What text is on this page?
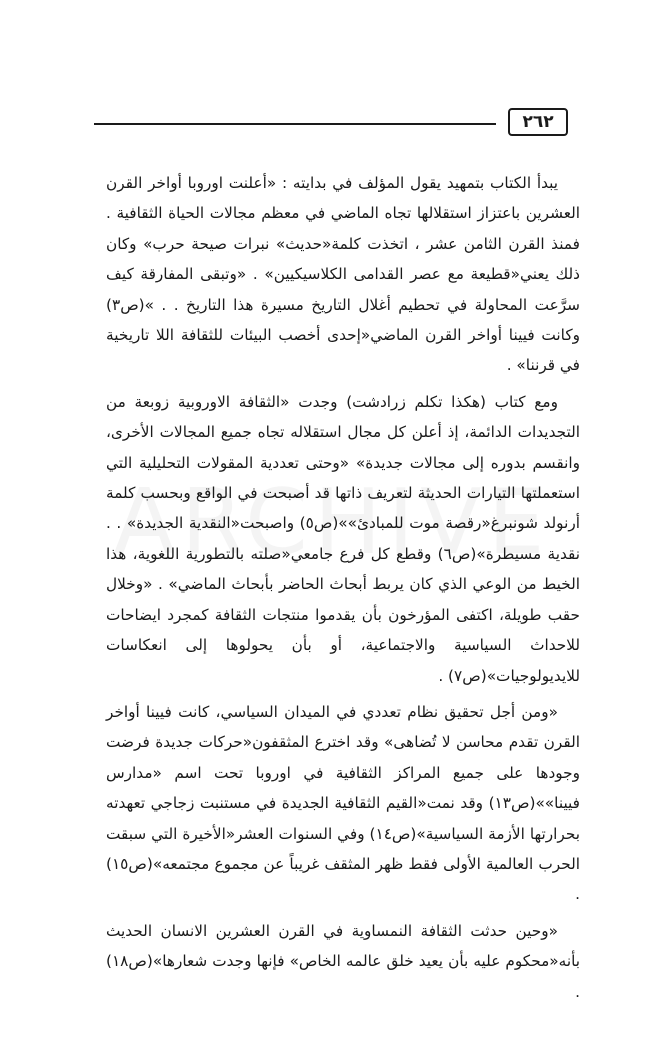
٢٦٢

يبدأ الكتاب بتمهيد يقول المؤلف في بدايته : «أعلنت اوروبا أواخر القرن العشرين باعتزاز استقلالها تجاه الماضي في معظم مجالات الحياة الثقافية . فمنذ القرن الثامن عشر ، اتخذت كلمة«حديث» نبرات صيحة حرب» وكان ذلك يعني«قطيعة مع عصر القدامى الكلاسيكيين» . «وتبقى المفارقة كيف سرَّعت المحاولة في تحطيم أغلال التاريخ مسيرة هذا التاريخ . . »(ص٣) وكانت فيينا أواخر القرن الماضي«إحدى أخصب البيئات للثقافة اللا تاريخية في قرننا» .

ومع كتاب (هكذا تكلم زرادشت) وجدت «الثقافة الاوروبية زوبعة من التجديدات الدائمة، إذ أعلن كل مجال استقلاله تجاه جميع المجالات الأخرى، وانقسم بدوره إلى مجالات جديدة» «وحتى تعددية المقولات التحليلية التي استعملتها التيارات الحديثة لتعريف ذاتها قد أصبحت في الواقع وبحسب كلمة أرنولد شونبرغ«رقصة موت للمبادئ»»(ص٥) واصبحت«النقدية الجديدة» . . نقدية مسيطرة»(ص٦) وقطع كل فرع جامعي«صلته بالتطورية اللغوية، هذا الخيط من الوعي الذي كان يربط أبحاث الحاضر بأبحاث الماضي» . «وخلال حقب طويلة، اكتفى المؤرخون بأن يقدموا منتجات الثقافة كمجرد ايضاحات للاحداث السياسية والاجتماعية، أو بأن يحولوها إلى انعكاسات للايديولوجيات»(ص٧) .

«ومن أجل تحقيق نظام تعددي في الميدان السياسي، كانت فيينا أواخر القرن تقدم محاسن لا تُضاهى» وقد اخترع المثقفون«حركات جديدة فرضت وجودها على جميع المراكز الثقافية في اوروبا تحت اسم «مدارس فيينا»»(ص١٣) وقد نمت«القيم الثقافية الجديدة في مستنبت زجاجي تعهدته بحرارتها الأزمة السياسية»(ص١٤) وفي السنوات العشر«الأخيرة التي سبقت الحرب العالمية الأولى فقط ظهر المثقف غريباً عن مجموع مجتمعه»(ص١٥) .

«وحين حدثت الثقافة النمساوية في القرن العشرين الانسان الحديث بأنه«محكوم عليه بأن يعيد خلق عالمه الخاص» فإنها وجدت شعارها»(ص١٨) .
